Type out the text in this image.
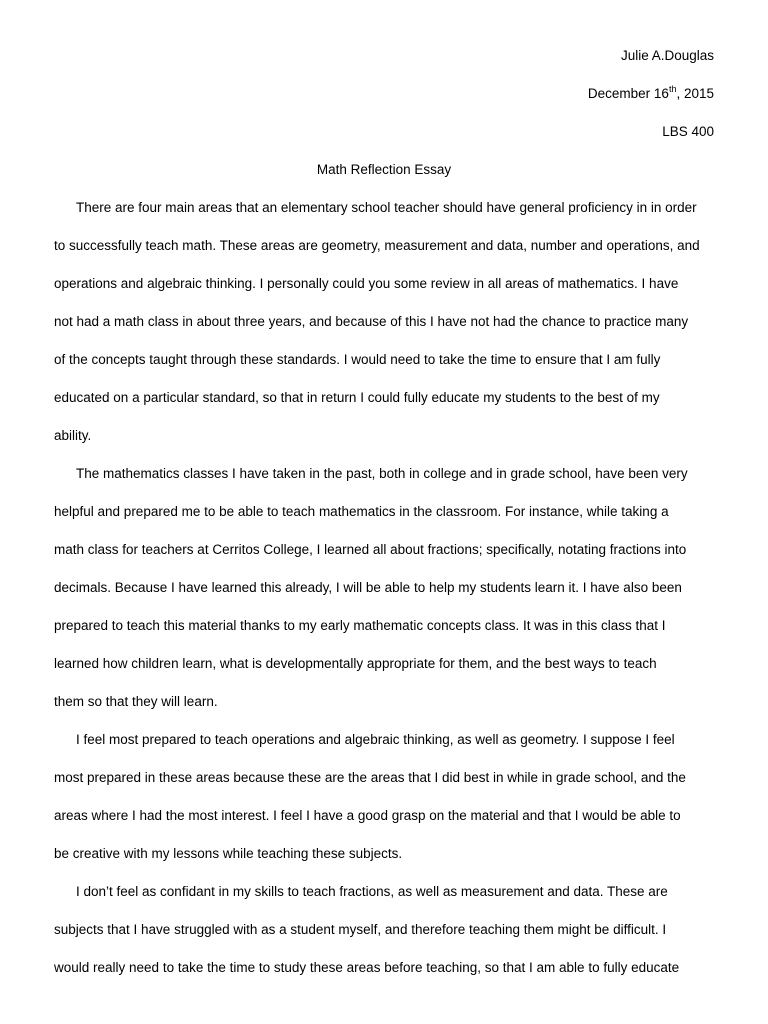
Julie A.Douglas
December 16th, 2015
LBS 400
Math Reflection Essay
There are four main areas that an elementary school teacher should have general proficiency in in order
to successfully teach math. These areas are geometry, measurement and data, number and operations, and
operations and algebraic thinking. I personally could you some review in all areas of mathematics. I have
not had a math class in about three years, and because of this I have not had the chance to practice many
of the concepts taught through these standards. I would need to take the time to ensure that I am fully
educated on a particular standard, so that in return I could fully educate my students to the best of my
ability.
The mathematics classes I have taken in the past, both in college and in grade school, have been very
helpful and prepared me to be able to teach mathematics in the classroom. For instance, while taking a
math class for teachers at Cerritos College, I learned all about fractions; specifically, notating fractions into
decimals. Because I have learned this already, I will be able to help my students learn it. I have also been
prepared to teach this material thanks to my early mathematic concepts class. It was in this class that I
learned how children learn, what is developmentally appropriate for them, and the best ways to teach
them so that they will learn.
I feel most prepared to teach operations and algebraic thinking, as well as geometry. I suppose I feel
most prepared in these areas because these are the areas that I did best in while in grade school, and the
areas where I had the most interest. I feel I have a good grasp on the material and that I would be able to
be creative with my lessons while teaching these subjects.
I don’t feel as confidant in my skills to teach fractions, as well as measurement and data. These are
subjects that I have struggled with as a student myself, and therefore teaching them might be difficult. I
would really need to take the time to study these areas before teaching, so that I am able to fully educate
